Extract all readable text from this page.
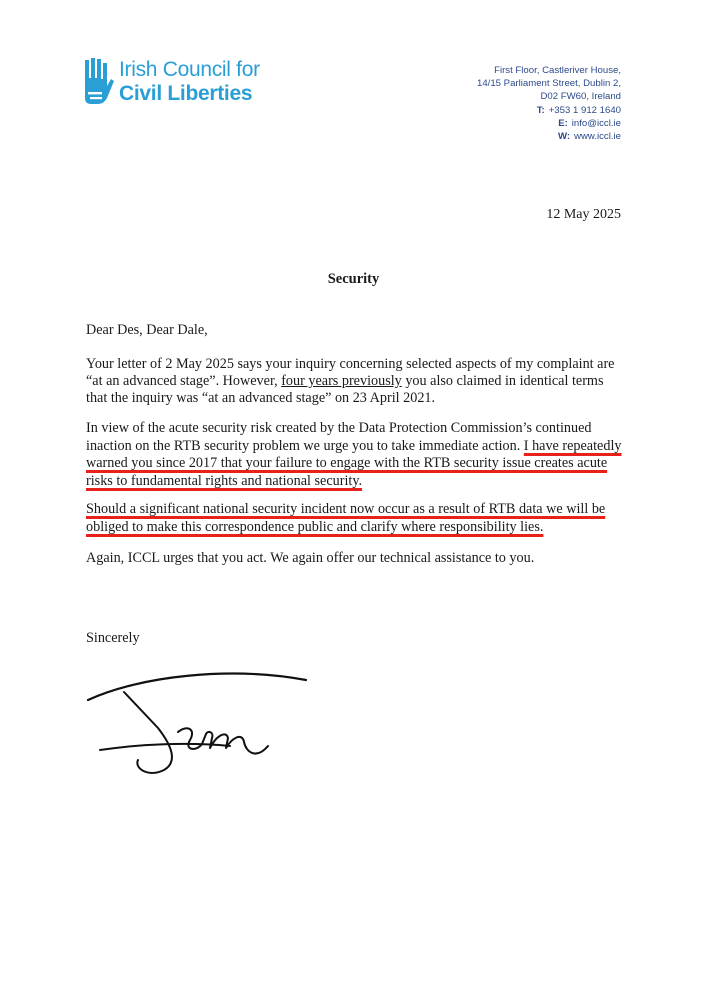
Irish Council for
Civil Liberties
First Floor, Castleriver House,
14/15 Parliament Street, Dublin 2,
D02 FW60, Ireland
T: +353 1 912 1640
E: info@iccl.ie
W: www.iccl.ie
12 May 2025
Security
Dear Des, Dear Dale,
Your letter of 2 May 2025 says your inquiry concerning selected aspects of my complaint are “at an advanced stage”. However, four years previously you also claimed in identical terms that the inquiry was “at an advanced stage” on 23 April 2021.
In view of the acute security risk created by the Data Protection Commission’s continued inaction on the RTB security problem we urge you to take immediate action. I have repeatedly warned you since 2017 that your failure to engage with the RTB security issue creates acute risks to fundamental rights and national security.
Should a significant national security incident now occur as a result of RTB data we will be obliged to make this correspondence public and clarify where responsibility lies.
Again, ICCL urges that you act. We again offer our technical assistance to you.
Sincerely
